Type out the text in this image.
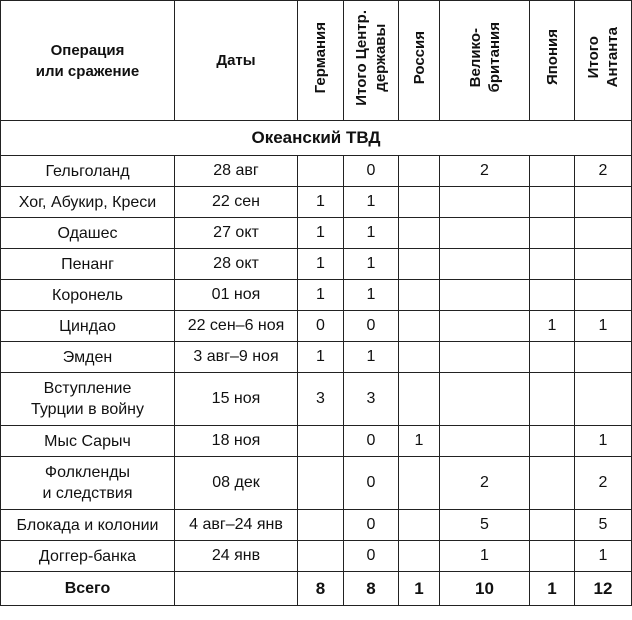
Операция
или сражение	Даты	Германия	Итого Центр. державы	Россия	Велико- британия	Япония	Итого Антанта
Океанский ТВД							
Гельголанд	28 авг		0		2		2
Хог, Абукир, Креси	22 сен	1	1				
Одашес	27 окт	1	1				
Пенанг	28 окт	1	1				
Коронель	01 ноя	1	1				
Циндао	22 сен–6 ноя	0	0			1	1
Эмден	3 авг–9 ноя	1	1				
Вступление
Турции в войну	15 ноя	3	3				
Мыс Сарыч	18 ноя		0	1			1
Фолкленды
и следствия	08 дек		0		2		2
Блокада и колонии	4 авг–24 янв		0		5		5
Доггер-банка	24 янв		0		1		1
Всего		8	8	1	10	1	12
